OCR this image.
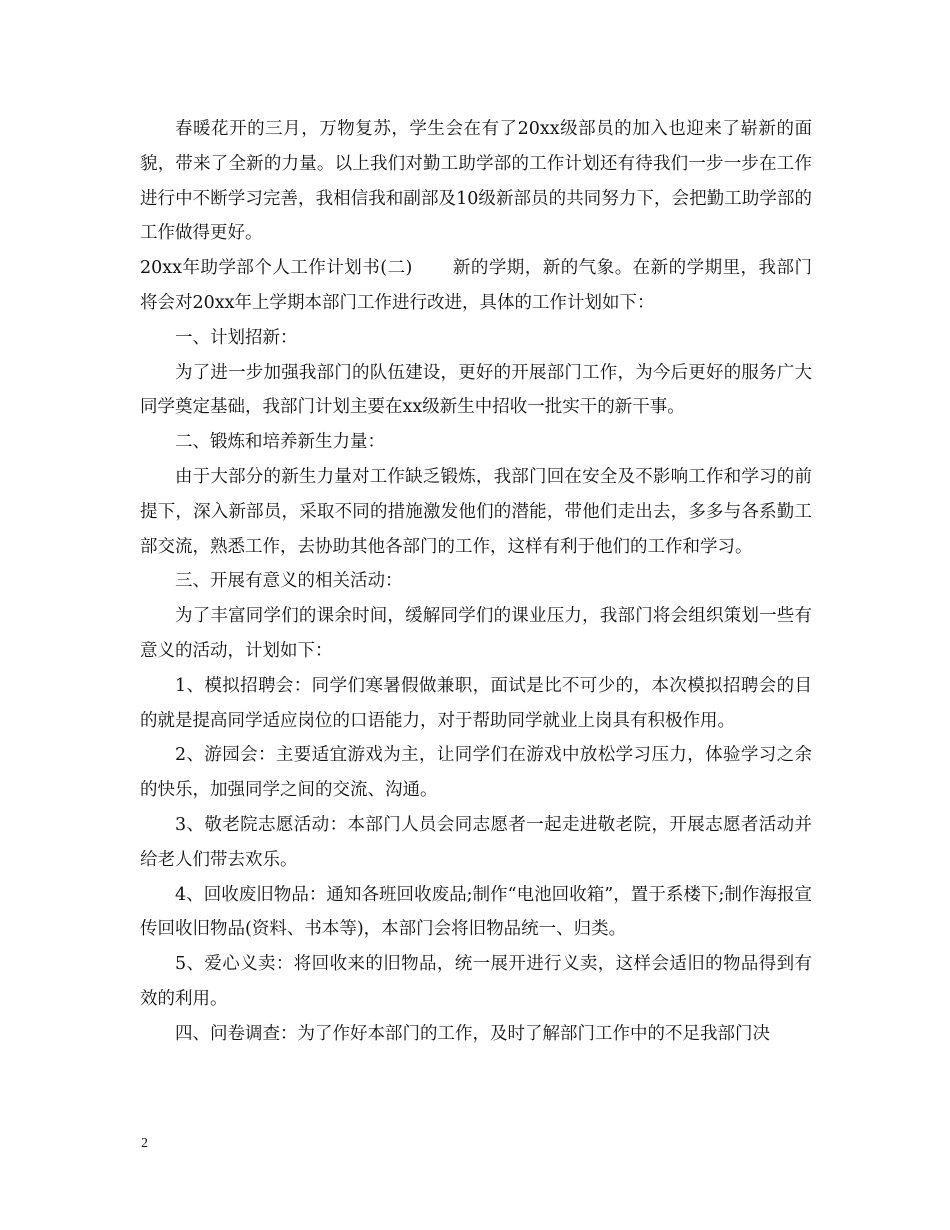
春暖花开的三月，万物复苏，学生会在有了20xx级部员的加入也迎来了崭新的面貌，带来了全新的力量。以上我们对勤工助学部的工作计划还有待我们一步一步在工作进行中不断学习完善，我相信我和副部及10级新部员的共同努力下，会把勤工助学部的工作做得更好。

20xx年助学部个人工作计划书(二) 新的学期，新的气象。在新的学期里，我部门将会对20xx年上学期本部门工作进行改进，具体的工作计划如下：

一、计划招新：

为了进一步加强我部门的队伍建设，更好的开展部门工作，为今后更好的服务广大同学奠定基础，我部门计划主要在xx级新生中招收一批实干的新干事。

二、锻炼和培养新生力量：

由于大部分的新生力量对工作缺乏锻炼，我部门回在安全及不影响工作和学习的前提下，深入新部员，采取不同的措施激发他们的潜能，带他们走出去，多多与各系勤工部交流，熟悉工作，去协助其他各部门的工作，这样有利于他们的工作和学习。

三、开展有意义的相关活动：

为了丰富同学们的课余时间，缓解同学们的课业压力，我部门将会组织策划一些有意义的活动，计划如下：

1、模拟招聘会：同学们寒暑假做兼职，面试是比不可少的，本次模拟招聘会的目的就是提高同学适应岗位的口语能力，对于帮助同学就业上岗具有积极作用。

2、游园会：主要适宜游戏为主，让同学们在游戏中放松学习压力，体验学习之余的快乐，加强同学之间的交流、沟通。

3、敬老院志愿活动：本部门人员会同志愿者一起走进敬老院，开展志愿者活动并给老人们带去欢乐。

4、回收废旧物品：通知各班回收废品;制作“电池回收箱”，置于系楼下;制作海报宣传回收旧物品(资料、书本等)，本部门会将旧物品统一、归类。

5、爱心义卖：将回收来的旧物品，统一展开进行义卖，这样会适旧的物品得到有效的利用。

四、问卷调查：为了作好本部门的工作，及时了解部门工作中的不足我部门决

2
